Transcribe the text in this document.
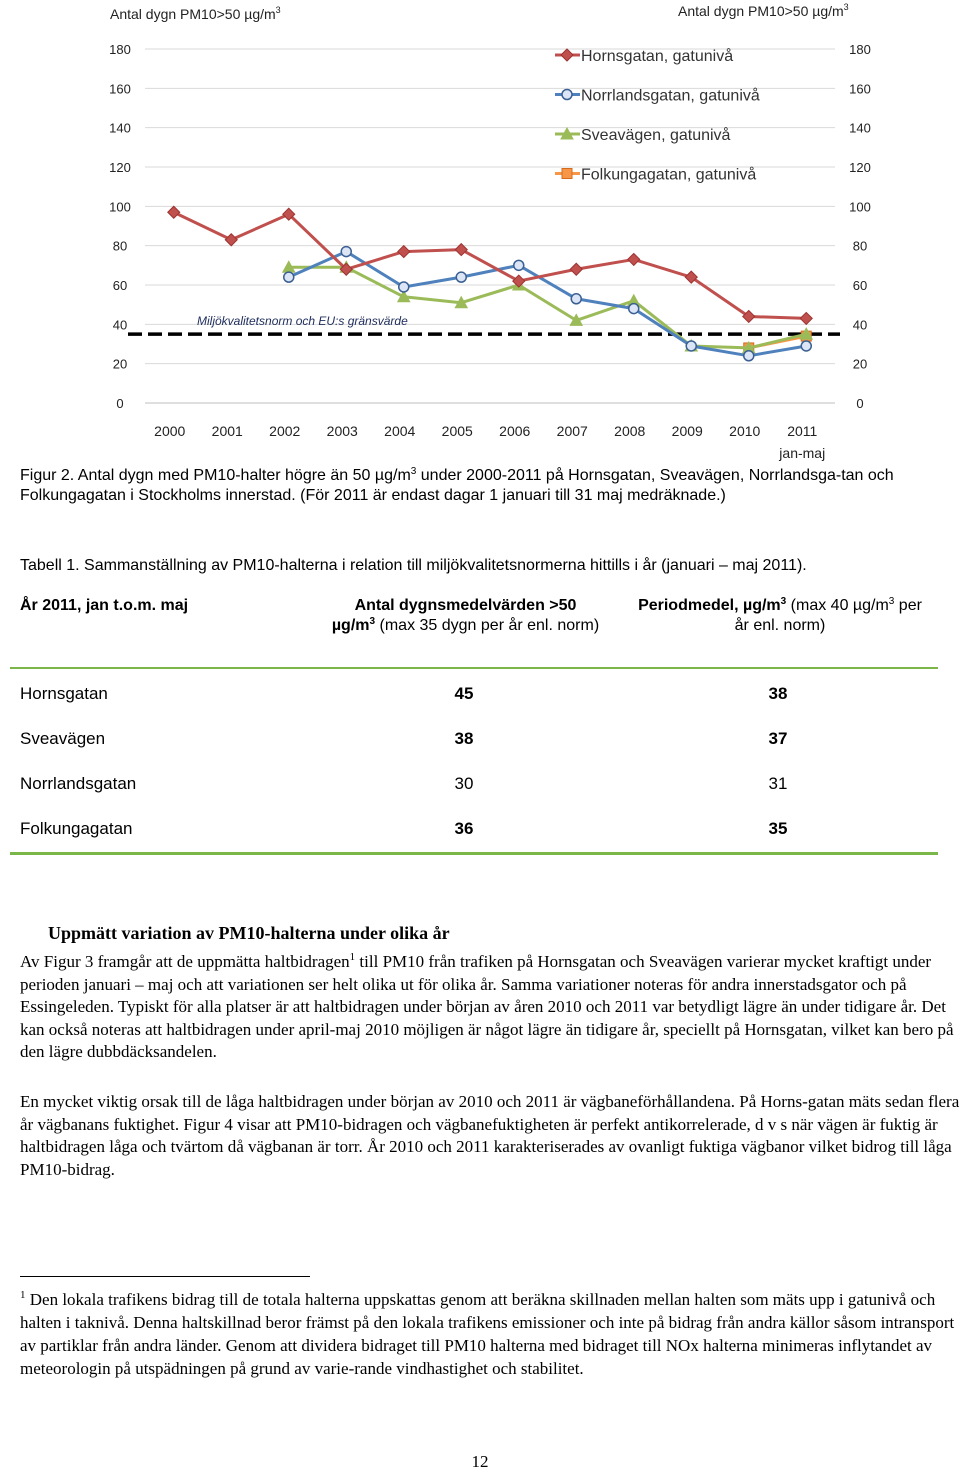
0	0
20	20
40	40
60	60
80	80
100	100
120	120
140	140
160	160
180	180
2000 2001 2002 2003 2004 2005 2006 2007 2008 2009 2010 2011
jan-maj
Miljökvalitetsnorm och EU:s gränsvärde
Hornsgatan, gatunivå
Norrlandsgatan, gatunivå
Sveavägen, gatunivå
Folkungagatan, gatunivå
Antal dygn PM10>50 $\mu g/m^3$	Antal dygn PM10>50 $\mu g/m^3$
Figur 2. Antal dygn med PM10-halter högre än 50 $\mu g/m^3$ under 2000-2011 på Hornsgatan, Sveavägen, Norrlandsga-tan och Folkungagatan i Stockholms innerstad. (För 2011 är endast dagar 1 januari till 31 maj medräknade.)
Tabell 1. Sammanställning av PM10-halterna i relation till miljökvalitetsnormerna hittills i år (januari – maj 2011).
År 2011, jan t.o.m. maj	Antal dygnsmedelvärden >50
$\mu g/m^3$ (max 35 dygn per år enl. norm)
Periodmedel, $\mu g/m^3$ (max 40 $\mu g/m^3$ per år enl. norm)
Hornsgatan	45	38
Sveavägen	38	37
Norrlandsgatan	30	31
Folkungagatan	36	35
Uppmätt variation av PM10-halterna under olika år
Av Figur 3 framgår att de uppmätta haltbidragen$^1$ till PM10 från trafiken på Hornsgatan och Sveavägen varierar mycket kraftigt under perioden januari – maj och att variationen ser helt olika ut för olika år. Samma variationer noteras för andra innerstadsgator och på Essingeleden. Typiskt för alla platser är att haltbidragen under början av åren 2010 och 2011 var betydligt lägre än under tidigare år. Det kan också noteras att haltbidragen under april-maj 2010 möjligen är något lägre än tidigare år, speciellt på Hornsgatan, vilket kan bero på den lägre dubbdäcksandelen.
En mycket viktig orsak till de låga haltbidragen under början av 2010 och 2011 är vägbaneförhållandena. På Horns-gatan mäts sedan flera år vägbanans fuktighet. Figur 4 visar att PM10-bidragen och vägbanefuktigheten är perfekt antikorrelerade, d v s när vägen är fuktig är haltbidragen låga och tvärtom då vägbanan är torr. År 2010 och 2011 karakteriserades av ovanligt fuktiga vägbanor vilket bidrog till låga PM10-bidrag.
$^1$ Den lokala trafikens bidrag till de totala halterna uppskattas genom att beräkna skillnaden mellan halten som mäts upp i gatunivå och halten i taknivå. Denna haltskillnad beror främst på den lokala trafikens emissioner och inte på bidrag från andra källor såsom intransport av partiklar från andra länder. Genom att dividera bidraget till PM10 halterna med bidraget till NOx halterna minimeras inflytandet av meteorologin på utspädningen på grund av varie-rande vindhastighet och stabilitet.
12
